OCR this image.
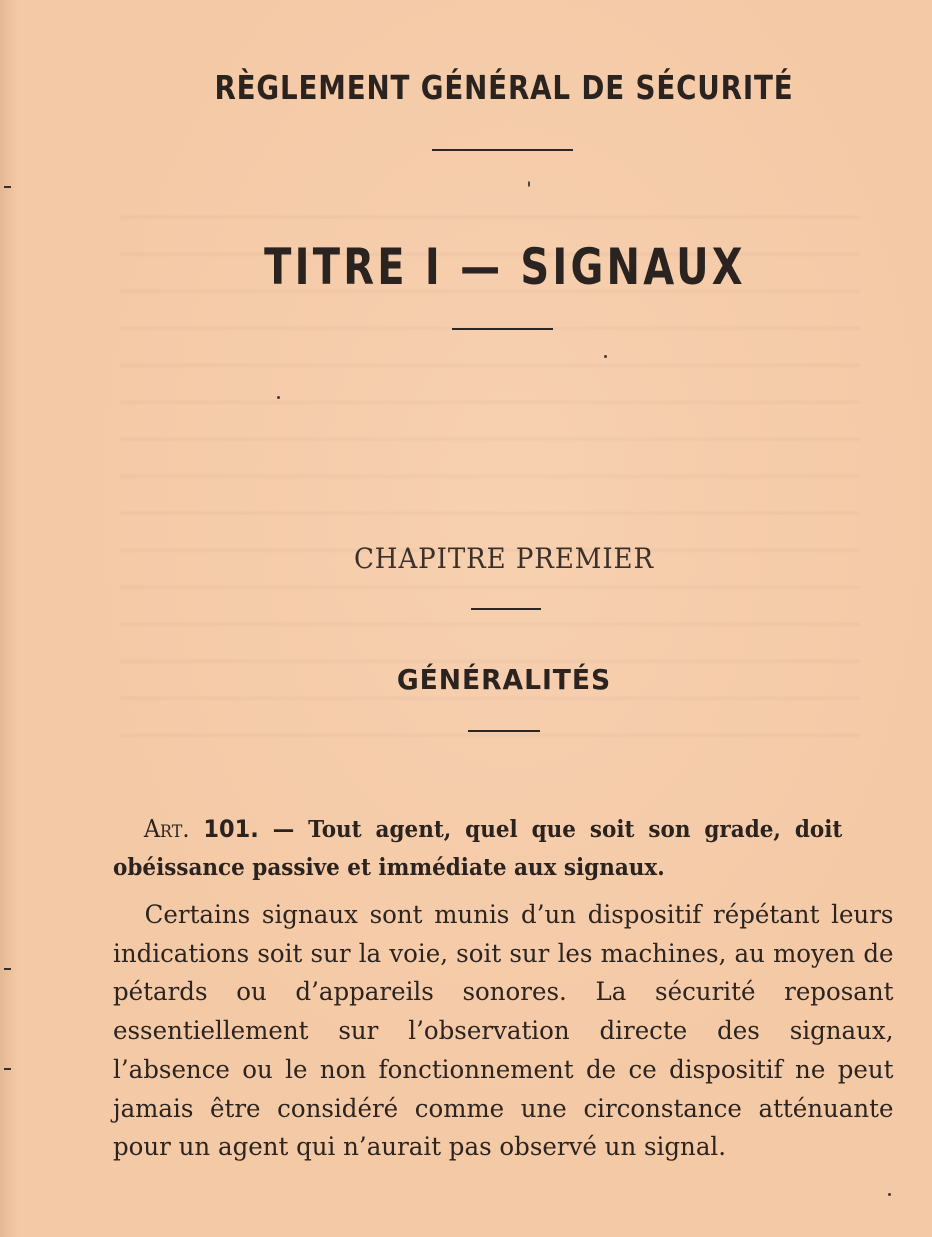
RÈGLEMENT GÉNÉRAL DE SÉCURITÉ
TITRE I — SIGNAUX
CHAPITRE PREMIER
GÉNÉRALITÉS
Art. 101. — Tout agent, quel que soit son grade, doit obéissance passive et immédiate aux signaux.
Certains signaux sont munis d’un dispositif répétant leurs indications soit sur la voie, soit sur les machines, au moyen de pétards ou d’appareils sonores. La sécurité reposant essentiellement sur l’observation directe des signaux, l’absence ou le non fonctionnement de ce dispositif ne peut jamais être considéré comme une circonstance atténuante pour un agent qui n’aurait pas observé un signal.
